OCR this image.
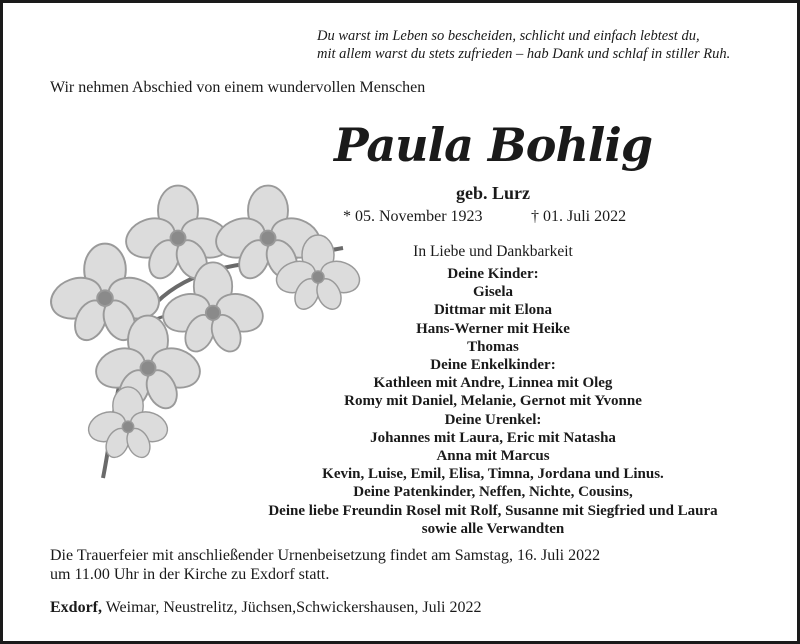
Du warst im Leben so bescheiden, schlicht und einfach lebtest du,
mit allem warst du stets zufrieden – hab Dank und schlaf in stiller Ruh.
Wir nehmen Abschied von einem wundervollen Menschen
Paula Bohlig
geb. Lurz
* 05. November 1923	† 01. Juli 2022
In Liebe und Dankbarkeit
Deine Kinder:
Gisela
Dittmar mit Elona
Hans-Werner mit Heike
Thomas
Deine Enkelkinder:
Kathleen mit Andre, Linnea mit Oleg
Romy mit Daniel, Melanie, Gernot mit Yvonne
Deine Urenkel:
Johannes mit Laura, Eric mit Natasha
Anna mit Marcus
Kevin, Luise, Emil, Elisa, Timna, Jordana und Linus.
Deine Patenkinder, Neffen, Nichte, Cousins,
Deine liebe Freundin Rosel mit Rolf, Susanne mit Siegfried und Laura
sowie alle Verwandten
Die Trauerfeier mit anschließender Urnenbeisetzung findet am Samstag, 16. Juli 2022
um 11.00 Uhr in der Kirche zu Exdorf statt.
Exdorf, Weimar, Neustrelitz, Jüchsen,Schwickershausen, Juli 2022
